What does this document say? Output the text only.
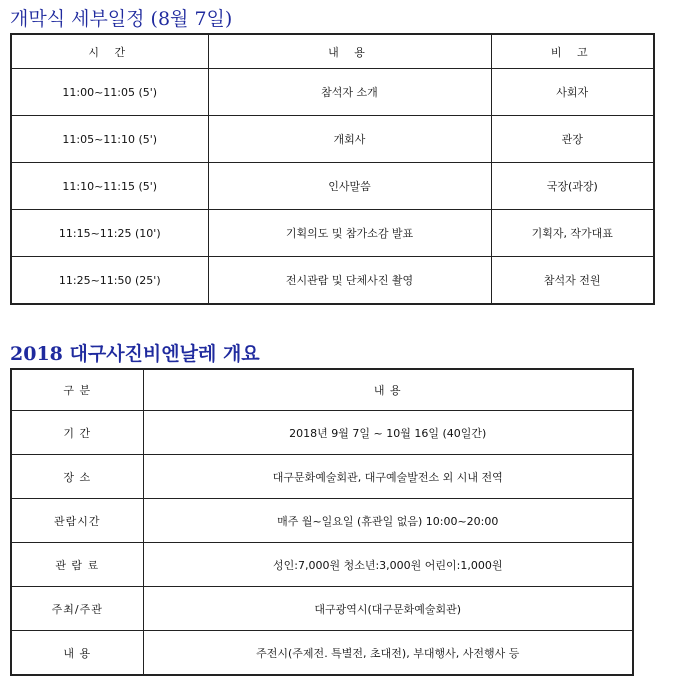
개막식 세부일정 (8월 7일)
시 간	내 용	비 고
11:00~11:05 (5')	참석자 소개	사회자
11:05~11:10 (5')	개회사	관장
11:10~11:15 (5')	인사말씀	국장(과장)
11:15~11:25 (10')	기획의도 및 참가소감 발표	기획자, 작가대표
11:25~11:50 (25')	전시관람 및 단체사진 촬영	참석자 전원
2018 대구사진비엔날레 개요
구 분	내 용
기 간	2018년 9월 7일 ~ 10월 16일 (40일간)
장 소	대구문화예술회관, 대구예술발전소 외 시내 전역
관람시간	매주 월~일요일 (휴관일 없음) 10:00~20:00
관 람 료	성인:7,000원 청소년:3,000원 어린이:1,000원
주최/주관	대구광역시(대구문화예술회관)
내 용	주전시(주제전. 특별전, 초대전), 부대행사, 사전행사 등
